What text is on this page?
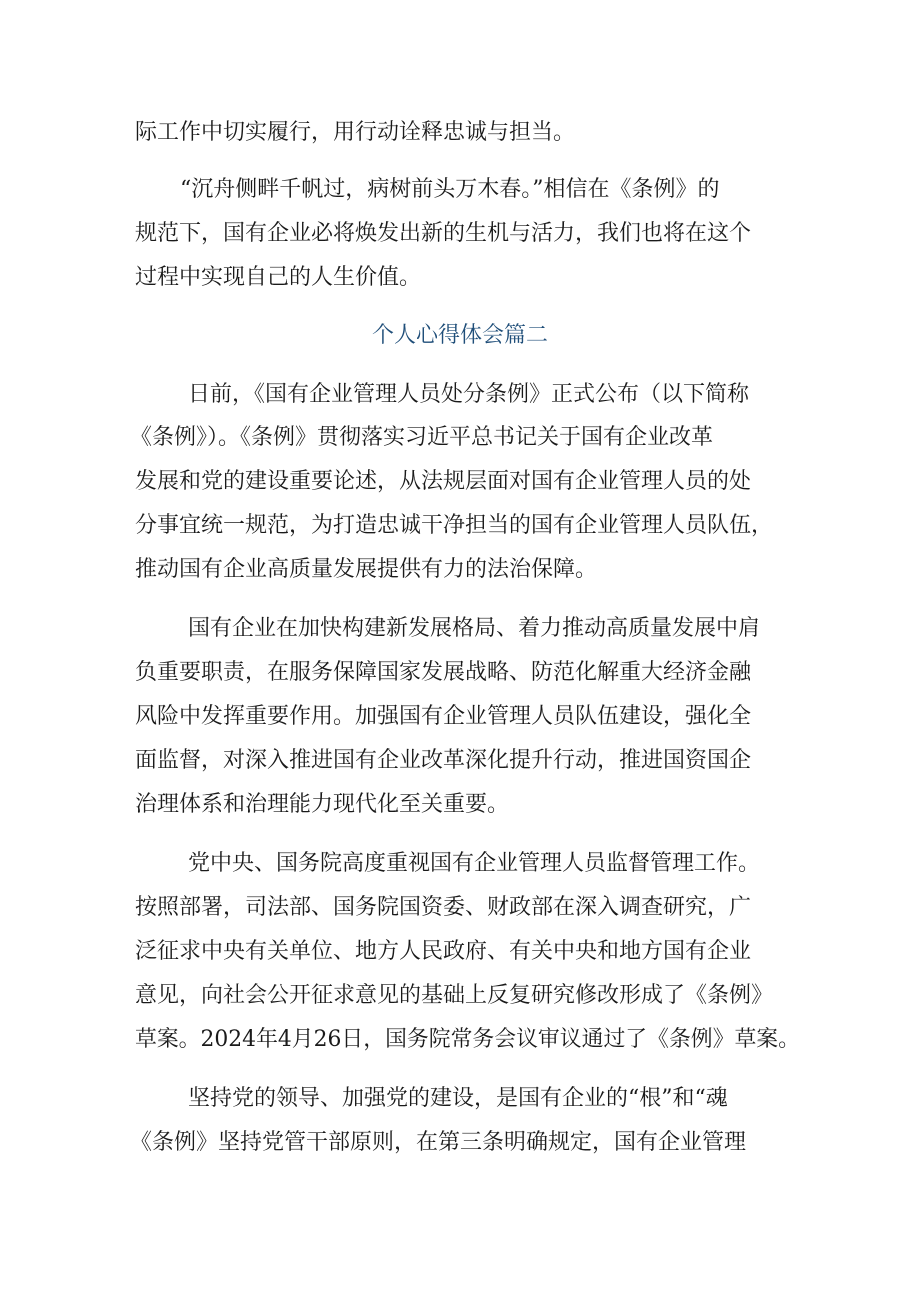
际工作中切实履行，用行动诠释忠诚与担当。
“沉舟侧畔千帆过，病树前头万木春。”相信在《条例》的
规范下，国有企业必将焕发出新的生机与活力，我们也将在这个
过程中实现自己的人生价值。
个人心得体会篇二
日前，《国有企业管理人员处分条例》正式公布（以下简称
《条例》）。《条例》贯彻落实习近平总书记关于国有企业改革
发展和党的建设重要论述，从法规层面对国有企业管理人员的处
分事宜统一规范，为打造忠诚干净担当的国有企业管理人员队伍，
推动国有企业高质量发展提供有力的法治保障。
国有企业在加快构建新发展格局、着力推动高质量发展中肩
负重要职责，在服务保障国家发展战略、防范化解重大经济金融
风险中发挥重要作用。加强国有企业管理人员队伍建设，强化全
面监督，对深入推进国有企业改革深化提升行动，推进国资国企
治理体系和治理能力现代化至关重要。
党中央、国务院高度重视国有企业管理人员监督管理工作。
按照部署，司法部、国务院国资委、财政部在深入调查研究，广
泛征求中央有关单位、地方人民政府、有关中央和地方国有企业
意见，向社会公开征求意见的基础上反复研究修改形成了《条例》
草案。2024年4月26日，国务院常务会议审议通过了《条例》草案。
坚持党的领导、加强党的建设，是国有企业的“根”和“魂
《条例》坚持党管干部原则，在第三条明确规定，国有企业管理
